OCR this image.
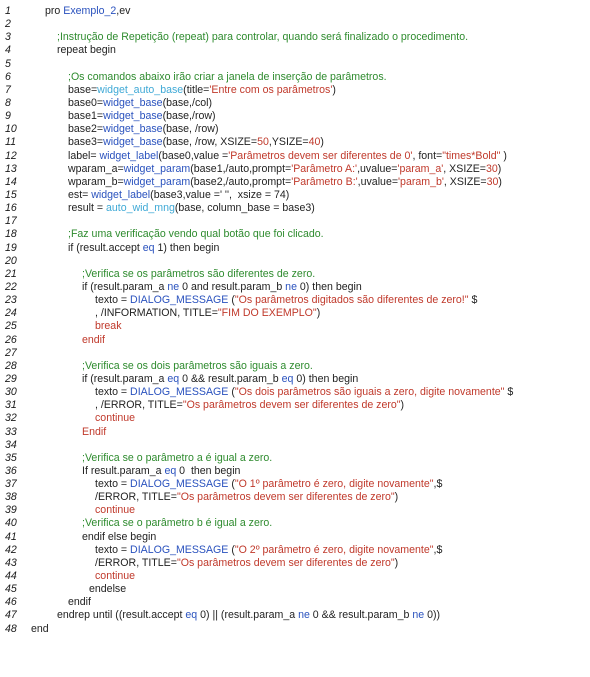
1	pro Exemplo_2,ev
2
3	;Instrução de Repetição (repeat) para controlar, quando será finalizado o procedimento.
4	repeat begin
5
6	;Os comandos abaixo irão criar a janela de inserção de parâmetros.
7	base=widget_auto_base(title='Entre com os parâmetros')
8	base0=widget_base(base,/col)
9	base1=widget_base(base,/row)
10	base2=widget_base(base, /row)
11	base3=widget_base(base, /row, XSIZE=50,YSIZE=40)
12	label= widget_label(base0,value ='Parâmetros devem ser diferentes de 0', font="times*Bold" )
13	wparam_a=widget_param(base1,/auto,prompt='Parâmetro A:',uvalue='param_a', XSIZE=30)
14	wparam_b=widget_param(base2,/auto,prompt='Parâmetro B:',uvalue='param_b', XSIZE=30)
15	est= widget_label(base3,value =' '',  xsize = 74)
16	result = auto_wid_mng(base, column_base = base3)
17
18	;Faz uma verificação vendo qual botão que foi clicado.
19	if (result.accept eq 1) then begin
20
21	;Verifica se os parâmetros são diferentes de zero.
22	if (result.param_a ne 0 and result.param_b ne 0) then begin
23	texto = DIALOG_MESSAGE ("Os parâmetros digitados são diferentes de zero!" $
24	, /INFORMATION, TITLE="FIM DO EXEMPLO")
25	break
26	endif
27
28	;Verifica se os dois parâmetros são iguais a zero.
29	if (result.param_a eq 0 && result.param_b eq 0) then begin
30	texto = DIALOG_MESSAGE ("Os dois parâmetros são iguais a zero, digite novamente" $
31	, /ERROR, TITLE="Os parâmetros devem ser diferentes de zero")
32	continue
33	Endif
34
35	;Verifica se o parâmetro a é igual a zero.
36	If result.param_a eq 0  then begin
37	texto = DIALOG_MESSAGE ("O 1º parâmetro é zero, digite novamente",$
38	/ERROR, TITLE="Os parâmetros devem ser diferentes de zero")
39	continue
40	;Verifica se o parâmetro b é igual a zero.
41	endif else begin
42	texto = DIALOG_MESSAGE ("O 2º parâmetro é zero, digite novamente",$
43	/ERROR, TITLE="Os parâmetros devem ser diferentes de zero")
44	continue
45	endelse
46	endif
47	endrep until ((result.accept eq 0) || (result.param_a ne 0 && result.param_b ne 0))
48	end
